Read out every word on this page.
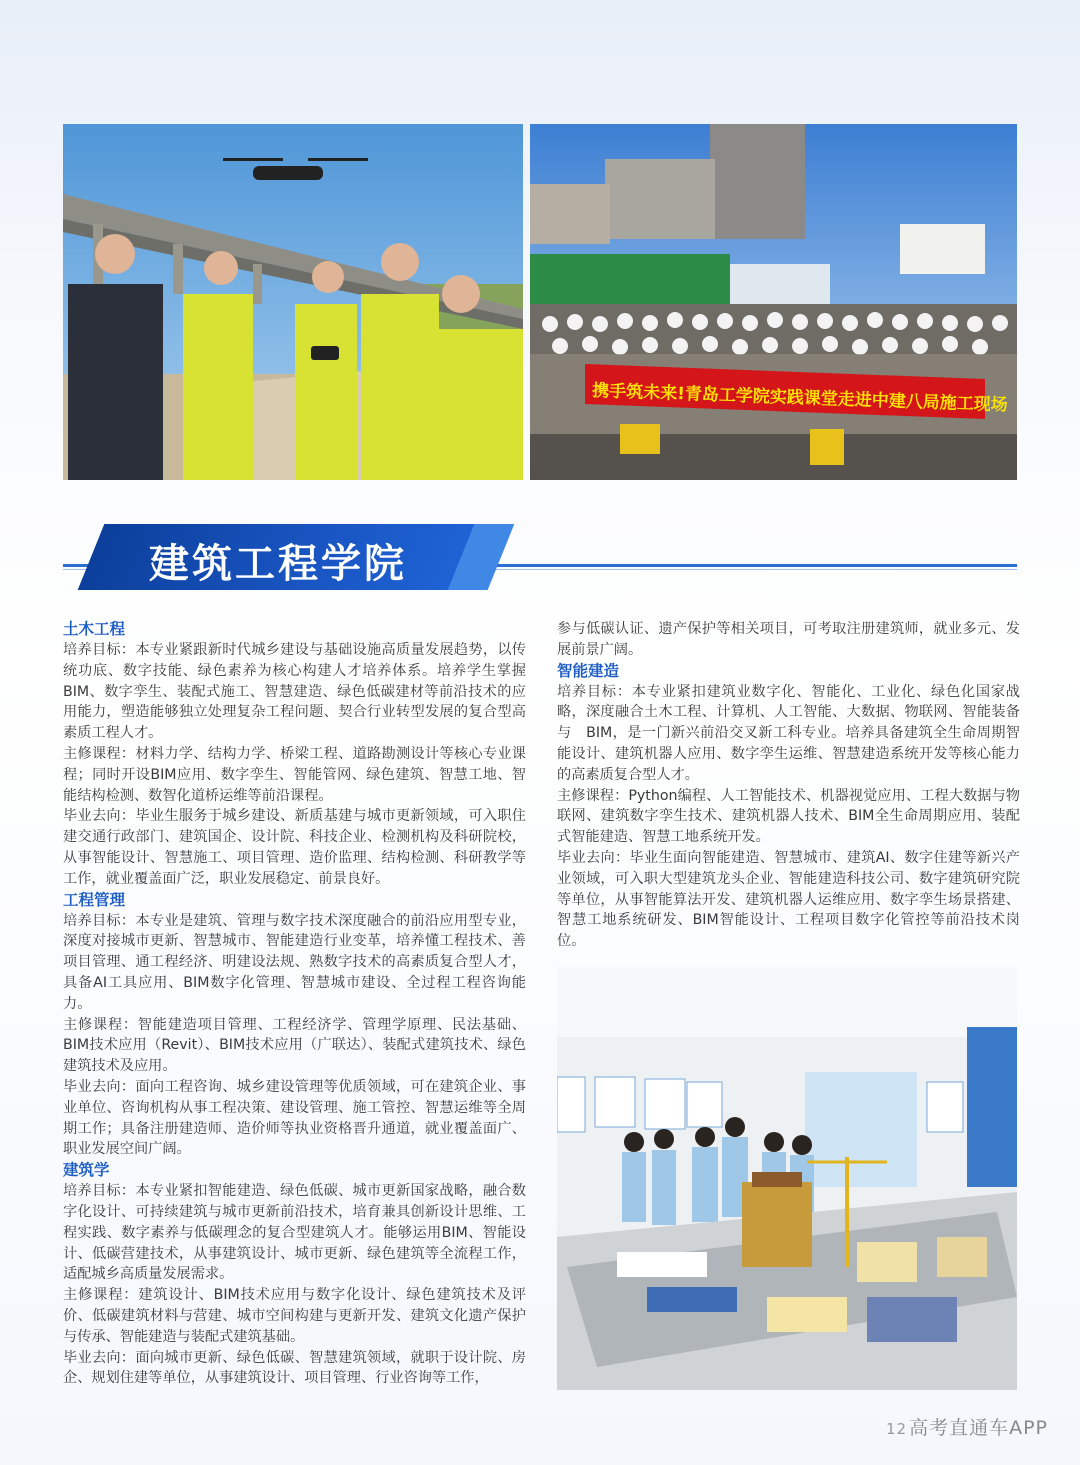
携手筑未来!青岛工学院实践课堂走进中建八局施工现场
建筑工程学院
土木工程

培养目标：本专业紧跟新时代城乡建设与基础设施高质量发展趋势，以传统功底、数字技能、绿色素养为核心构建人才培养体系。培养学生掌握BIM、数字孪生、装配式施工、智慧建造、绿色低碳建材等前沿技术的应用能力，塑造能够独立处理复杂工程问题、契合行业转型发展的复合型高素质工程人才。

主修课程：材料力学、结构力学、桥梁工程、道路勘测设计等核心专业课程；同时开设BIM应用、数字孪生、智能管网、绿色建筑、智慧工地、智能结构检测、数智化道桥运维等前沿课程。

毕业去向：毕业生服务于城乡建设、新质基建与城市更新领域，可入职住建交通行政部门、建筑国企、设计院、科技企业、检测机构及科研院校，从事智能设计、智慧施工、项目管理、造价监理、结构检测、科研教学等工作，就业覆盖面广泛，职业发展稳定、前景良好。

工程管理

培养目标：本专业是建筑、管理与数字技术深度融合的前沿应用型专业，深度对接城市更新、智慧城市、智能建造行业变革，培养懂工程技术、善项目管理、通工程经济、明建设法规、熟数字技术的高素质复合型人才，具备AI工具应用、BIM数字化管理、智慧城市建设、全过程工程咨询能力。

主修课程：智能建造项目管理、工程经济学、管理学原理、民法基础、BIM技术应用（Revit）、BIM技术应用（广联达）、装配式建筑技术、绿色建筑技术及应用。

毕业去向：面向工程咨询、城乡建设管理等优质领域，可在建筑企业、事业单位、咨询机构从事工程决策、建设管理、施工管控、智慧运维等全周期工作；具备注册建造师、造价师等执业资格晋升通道，就业覆盖面广、职业发展空间广阔。

建筑学

培养目标：本专业紧扣智能建造、绿色低碳、城市更新国家战略，融合数字化设计、可持续建筑与城市更新前沿技术，培育兼具创新设计思维、工程实践、数字素养与低碳理念的复合型建筑人才。能够运用BIM、智能设计、低碳营建技术，从事建筑设计、城市更新、绿色建筑等全流程工作，适配城乡高质量发展需求。

主修课程：建筑设计、BIM技术应用与数字化设计、绿色建筑技术及评价、低碳建筑材料与营建、城市空间构建与更新开发、建筑文化遗产保护与传承、智能建造与装配式建筑基础。

毕业去向：面向城市更新、绿色低碳、智慧建筑领域，就职于设计院、房企、规划住建等单位，从事建筑设计、项目管理、行业咨询等工作，

参与低碳认证、遗产保护等相关项目，可考取注册建筑师，就业多元、发展前景广阔。

智能建造

培养目标：本专业紧扣建筑业数字化、智能化、工业化、绿色化国家战略，深度融合土木工程、计算机、人工智能、大数据、物联网、智能装备与　BIM，是一门新兴前沿交叉新工科专业。培养具备建筑全生命周期智能设计、建筑机器人应用、数字孪生运维、智慧建造系统开发等核心能力的高素质复合型人才。

主修课程：Python编程、人工智能技术、机器视觉应用、工程大数据与物联网、建筑数字孪生技术、建筑机器人技术、BIM全生命周期应用、装配式智能建造、智慧工地系统开发。

毕业去向：毕业生面向智能建造、智慧城市、建筑AI、数字住建等新兴产业领域，可入职大型建筑龙头企业、智能建造科技公司、数字建筑研究院等单位，从事智能算法开发、建筑机器人运维应用、数字孪生场景搭建、智慧工地系统研发、BIM智能设计、工程项目数字化管控等前沿技术岗位。

12 高考直通车APP
